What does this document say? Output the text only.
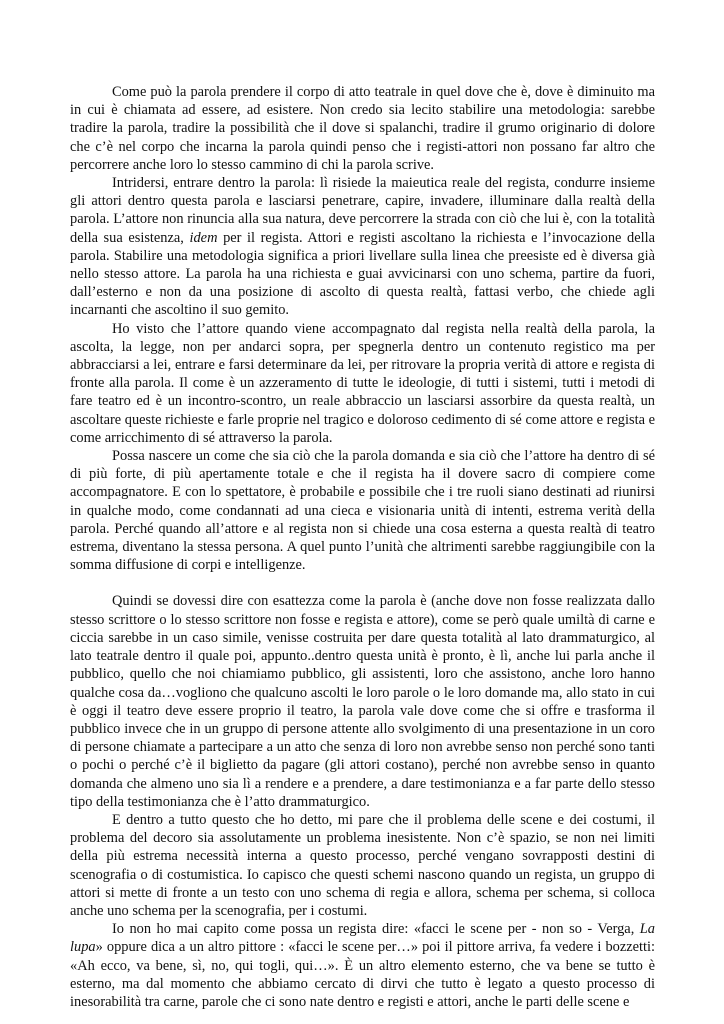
Come può la parola prendere il corpo di atto teatrale in quel dove che è, dove è diminuito ma in cui è chiamata ad essere, ad esistere. Non credo sia lecito stabilire una metodologia: sarebbe tradire la parola, tradire la possibilità che il dove si spalanchi, tradire il grumo originario di dolore che c’è nel corpo che incarna la parola quindi penso che i registi-attori non possano far altro che percorrere anche loro lo stesso cammino di chi la parola scrive.

Intridersi, entrare dentro la parola: lì risiede la maieutica reale del regista, condurre insieme gli attori dentro questa parola e lasciarsi penetrare, capire, invadere, illuminare dalla realtà della parola. L’attore non rinuncia alla sua natura, deve percorrere la strada con ciò che lui è, con la totalità della sua esistenza, idem per il regista. Attori e registi ascoltano la richiesta e l’invocazione della parola. Stabilire una metodologia significa a priori livellare sulla linea che preesiste ed è diversa già nello stesso attore. La parola ha una richiesta e guai avvicinarsi con uno schema, partire da fuori, dall’esterno e non da una posizione di ascolto di questa realtà, fattasi verbo, che chiede agli incarnanti che ascoltino il suo gemito.

Ho visto che l’attore quando viene accompagnato dal regista nella realtà della parola, la ascolta, la legge, non per andarci sopra, per spegnerla dentro un contenuto registico ma per abbracciarsi a lei, entrare e farsi determinare da lei, per ritrovare la propria verità di attore e regista di fronte alla parola. Il come è un azzeramento di tutte le ideologie, di tutti i sistemi, tutti i metodi di fare teatro ed è un incontro-scontro, un reale abbraccio un lasciarsi assorbire da questa realtà, un ascoltare queste richieste e farle proprie nel tragico e doloroso cedimento di sé come attore e regista e come arricchimento di sé attraverso la parola.

Possa nascere un come che sia ciò che la parola domanda e sia ciò che l’attore ha dentro di sé di più forte, di più apertamente totale e che il regista ha il dovere sacro di compiere come accompagnatore. E con lo spettatore, è probabile e possibile che i tre ruoli siano destinati ad riunirsi in qualche modo, come condannati ad una cieca e visionaria unità di intenti, estrema verità della parola. Perché quando all’attore e al regista non si chiede una cosa esterna a questa realtà di teatro estrema, diventano la stessa persona. A quel punto l’unità che altrimenti sarebbe raggiungibile con la somma diffusione di corpi e intelligenze.

Quindi se dovessi dire con esattezza come la parola è (anche dove non fosse realizzata dallo stesso scrittore o lo stesso scrittore non fosse e regista e attore), come se però quale umiltà di carne e ciccia sarebbe in un caso simile, venisse costruita per dare questa totalità al lato drammaturgico, al lato teatrale dentro il quale poi, appunto..dentro questa unità è pronto, è lì, anche lui parla anche il pubblico, quello che noi chiamiamo pubblico, gli assistenti, loro che assistono, anche loro hanno qualche cosa da…vogliono che qualcuno ascolti le loro parole o le loro domande ma, allo stato in cui è oggi il teatro deve essere proprio il teatro, la parola vale dove come che si offre e trasforma il pubblico invece che in un gruppo di persone attente allo svolgimento di una presentazione in un coro di persone chiamate a partecipare a un atto che senza di loro non avrebbe senso non perché sono tanti o pochi o perché c’è il biglietto da pagare (gli attori costano), perché non avrebbe senso in quanto domanda che almeno uno sia lì a rendere e a prendere, a dare testimonianza e a far parte dello stesso tipo della testimonianza che è l’atto drammaturgico.

E dentro a tutto questo che ho detto, mi pare che il problema delle scene e dei costumi, il problema del decoro sia assolutamente un problema inesistente. Non c’è spazio, se non nei limiti della più estrema necessità interna a questo processo, perché vengano sovrapposti destini di scenografia o di costumistica. Io capisco che questi schemi nascono quando un regista, un gruppo di attori si mette di fronte a un testo con uno schema di regia e allora, schema per schema, si colloca anche uno schema per la scenografia, per i costumi.

Io non ho mai capito come possa un regista dire: «facci le scene per - non so - Verga, La lupa» oppure dica a un altro pittore : «facci le scene per…» poi il pittore arriva, fa vedere i bozzetti: «Ah ecco, va bene, sì, no, qui togli, qui…». È un altro elemento esterno, che va bene se tutto è esterno, ma dal momento che abbiamo cercato di dirvi che tutto è legato a questo processo di inesorabilità tra carne, parole che ci sono nate dentro e registi e attori, anche le parti delle scene e
